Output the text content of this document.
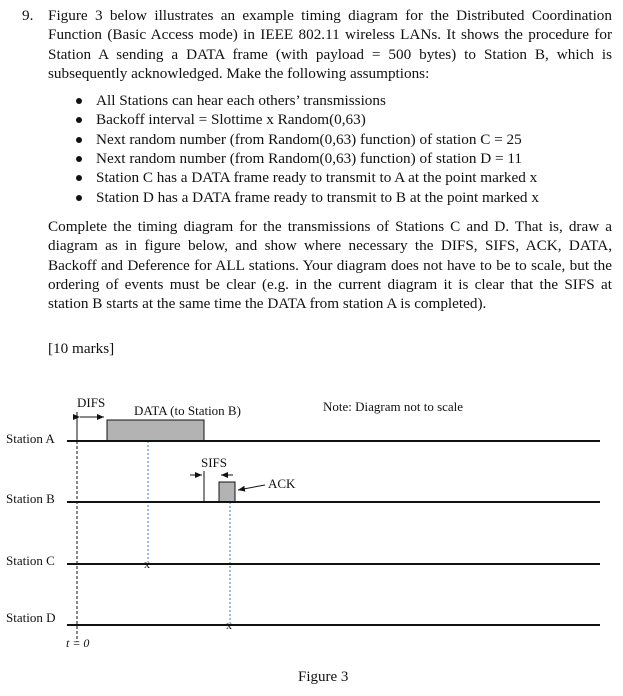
9. Figure 3 below illustrates an example timing diagram for the Distributed Coordination Function (Basic Access mode) in IEEE 802.11 wireless LANs. It shows the procedure for Station A sending a DATA frame (with payload = 500 bytes) to Station B, which is subsequently acknowledged. Make the following assumptions:

All Stations can hear each others’ transmissions
Backoff interval = Slottime x Random(0,63)
Next random number (from Random(0,63) function) of station C = 25
Next random number (from Random(0,63) function) of station D = 11
Station C has a DATA frame ready to transmit to A at the point marked x
Station D has a DATA frame ready to transmit to B at the point marked x

Complete the timing diagram for the transmissions of Stations C and D. That is, draw a diagram as in figure below, and show where necessary the DIFS, SIFS, ACK, DATA, Backoff and Deference for ALL stations. Your diagram does not have to be to scale, but the ordering of events must be clear (e.g. in the current diagram it is clear that the SIFS at station B starts at the same time the DATA from station A is completed).

[10 marks]
DIFS
DATA (to Station B)	Note: Diagram not to scale
SIFS
ACK
Station A
Station B
Station C
Station D
x
x
t = 0
Figure 3
